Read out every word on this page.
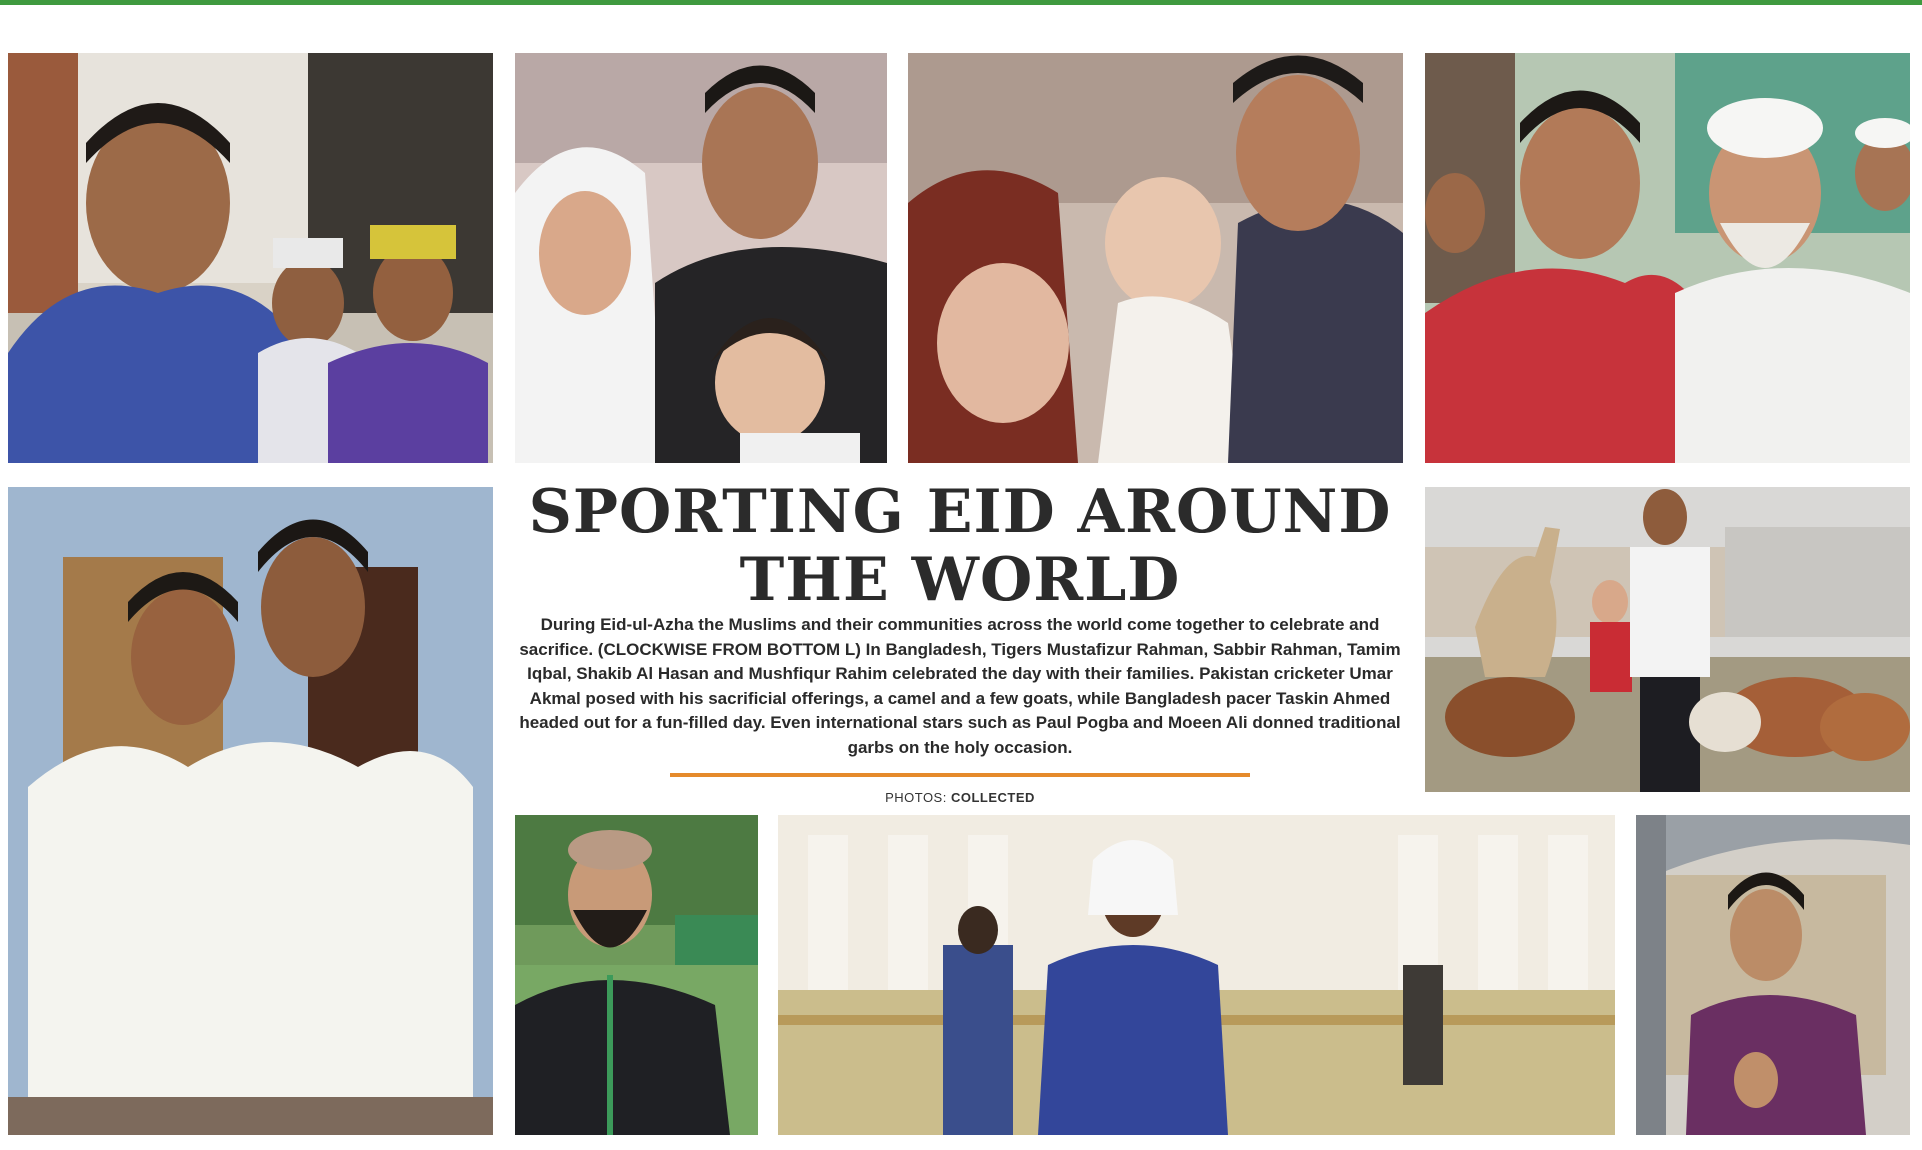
SPORTING EID AROUND
THE WORLD

During Eid-ul-Azha the Muslims and their communities across the world come together to celebrate and sacrifice. (CLOCKWISE FROM BOTTOM L) In Bangladesh, Tigers Mustafizur Rahman, Sabbir Rahman, Tamim Iqbal, Shakib Al Hasan and Mushfiqur Rahim celebrated the day with their families. Pakistan cricketer Umar Akmal posed with his sacrificial offerings, a camel and a few goats, while Bangladesh pacer Taskin Ahmed headed out for a fun-filled day. Even international stars such as Paul Pogba and Moeen Ali donned traditional garbs on the holy occasion.

PHOTOS: COLLECTED
